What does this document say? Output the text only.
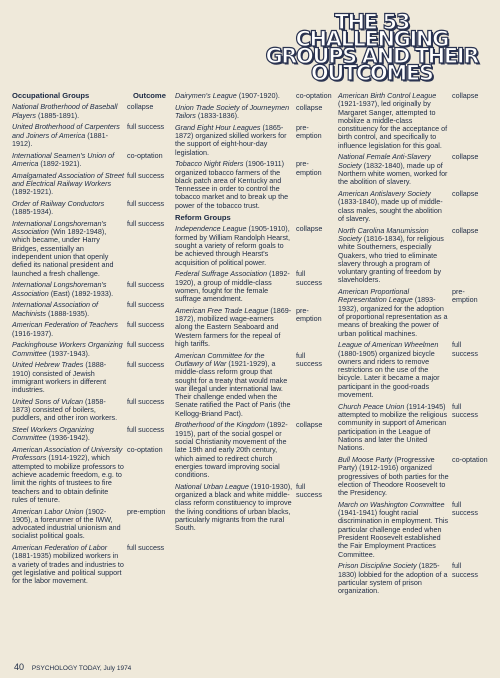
THE 53
CHALLENGING
GROUPS AND THEIR
OUTCOMES
Occupational Groups	Outcome
National Brotherhood of Baseball Players (1885-1891).
collapse
United Brotherhood of Carpenters and Joiners of America (1881-1912).
full success
International Seamen's Union of America (1892-1921).
co-optation
Amalgamated Association of Street and Electrical Railway Workers (1892-1921).
full success
Order of Railway Conductors (1885-1934).
full success
International Longshoreman's Association (Win 1892-1948), which became, under Harry Bridges, essentially an independent union that openly defied its national president and launched a fresh challenge.
full success
International Longshoreman's Association (East) (1892-1933).
full success
International Association of Machinists (1888-1935).
full success
American Federation of Teachers (1916-1937).
full success
Packinghouse Workers Organizing Committee (1937-1943).
full success
United Hebrew Trades (1888-1910) consisted of Jewish immigrant workers in different industries.
full success
United Sons of Vulcan (1858-1873) consisted of boilers, puddlers, and other iron workers.
full success
Steel Workers Organizing Committee (1936-1942).
full success
American Association of University Professors (1914-1922), which attempted to mobilize professors to achieve academic freedom, e.g. to limit the rights of trustees to fire teachers and to obtain definite rules of tenure.
co-optation
American Labor Union (1902-1905), a forerunner of the IWW, advocated industrial unionism and socialist political goals.
pre-emption
American Federation of Labor (1881-1935) mobilized workers in a variety of trades and industries to get legislative and political support for the labor movement.
full success
Dairymen's League (1907-1920).	co-optation
Union Trade Society of Journeymen Tailors (1833-1836).
collapse
Grand Eight Hour Leagues (1865-1872) organized skilled workers for the support of eight-hour-day legislation.
pre-emption
Tobacco Night Riders (1906-1911) organized tobacco farmers of the black patch area of Kentucky and Tennessee in order to control the tobacco market and to break up the power of the tobacco trust.
pre-emption
Reform Groups
Independence League (1905-1910), formed by William Randolph Hearst, sought a variety of reform goals to be achieved through Hearst's acquisition of political power.
collapse
Federal Suffrage Association (1892-1920), a group of middle-class women, fought for the female suffrage amendment.
full success
American Free Trade League (1869-1872), mobilized wage-earners along the Eastern Seaboard and Western farmers for the repeal of high tariffs.
pre-emption
American Committee for the Outlawry of War (1921-1929), a middle-class reform group that sought for a treaty that would make war illegal under international law. Their challenge ended when the Senate ratified the Pact of Paris (the Kellogg-Briand Pact).
full success
Brotherhood of the Kingdom (1892-1915), part of the social gospel or social Christianity movement of the late 19th and early 20th century, which aimed to redirect church energies toward improving social conditions.
collapse
National Urban League (1910-1930), organized a black and white middle-class reform constituency to improve the living conditions of urban blacks, particularly migrants from the rural South.
full success
American Birth Control League (1921-1937), led originally by Margaret Sanger, attempted to mobilize a middle-class constituency for the acceptance of birth control, and specifically to influence legislation for this goal.
collapse
National Female Anti-Slavery Society (1832-1840), made up of Northern white women, worked for the abolition of slavery.
collapse
American Antislavery Society (1833-1840), made up of middle-class males, sought the abolition of slavery.
collapse
North Carolina Manumission Society (1816-1834), for religious white Southerners, especially Quakers, who tried to eliminate slavery through a program of voluntary granting of freedom by slaveholders.
collapse
American Proportional Representation League (1893-1932), organized for the adoption of proportional representation as a means of breaking the power of urban political machines.
pre-emption
League of American Wheelmen (1880-1905) organized bicycle owners and riders to remove restrictions on the use of the bicycle. Later it became a major participant in the good-roads movement.
full success
Church Peace Union (1914-1945) attempted to mobilize the religious community in support of American participation in the League of Nations and later the United Nations.
full success
Bull Moose Party (Progressive Party) (1912-1916) organized progressives of both parties for the election of Theodore Roosevelt to the Presidency.
co-optation
March on Washington Committee (1941-1941) fought racial discrimination in employment. This particular challenge ended when President Roosevelt established the Fair Employment Practices Committee.
full success
Prison Discipline Society (1825-1830) lobbied for the adoption of a particular system of prison organization.
full success
40 PSYCHOLOGY TODAY, July 1974
